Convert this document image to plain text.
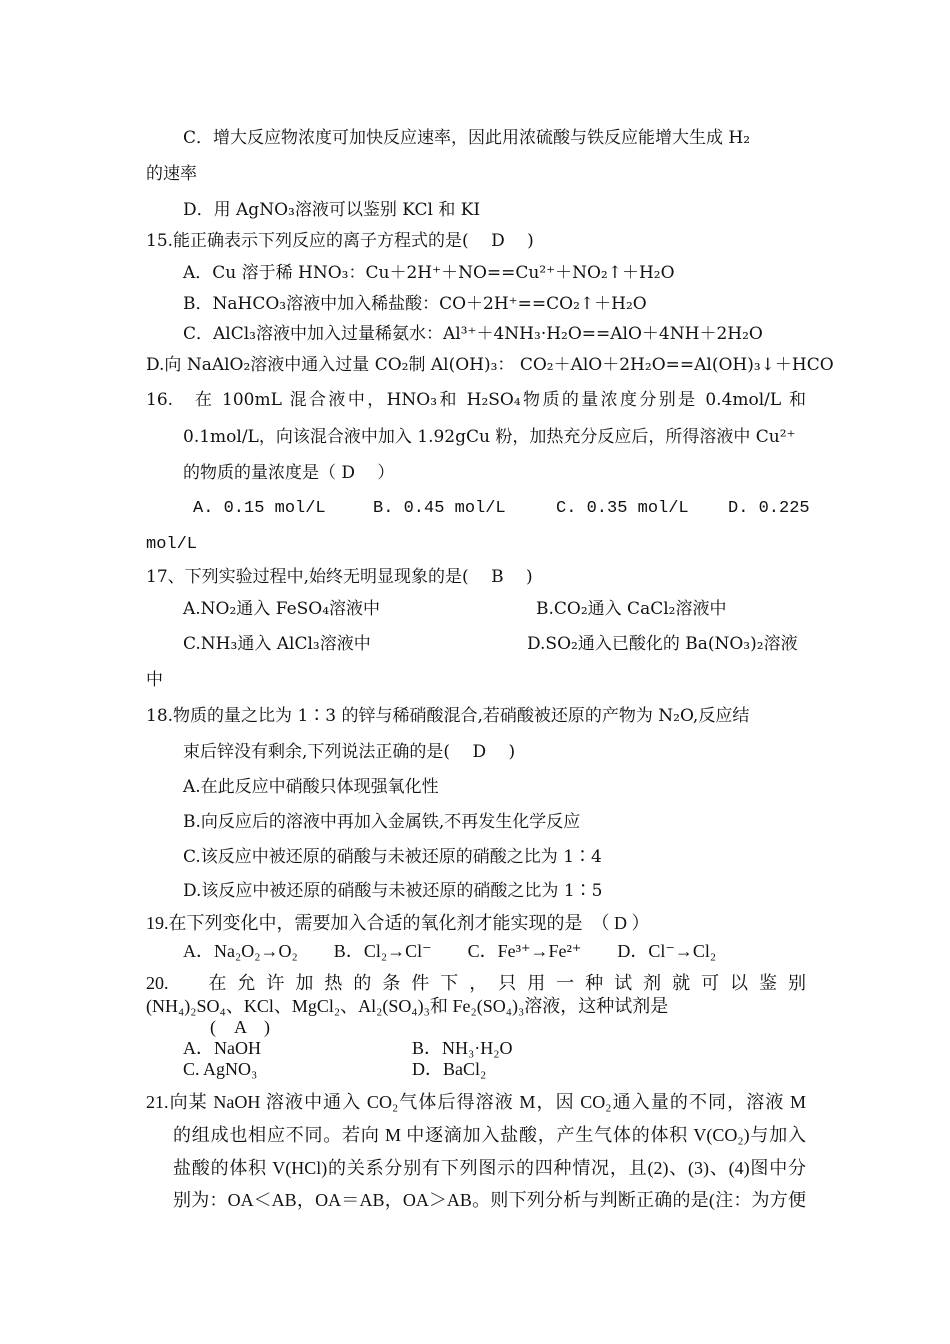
C．增大反应物浓度可加快反应速率，因此用浓硫酸与铁反应能增大生成 H₂
的速率
D．用 AgNO₃溶液可以鉴别 KCl 和 KI
15.能正确表示下列反应的离子方程式的是(　 D　 )
A．Cu 溶于稀 HNO₃：Cu＋2H⁺＋NO==Cu²⁺＋NO₂↑＋H₂O
B．NaHCO₃溶液中加入稀盐酸：CO＋2H⁺==CO₂↑＋H₂O
C．AlCl₃溶液中加入过量稀氨水：Al³⁺＋4NH₃·H₂O==AlO＋4NH＋2H₂O
D.向 NaAlO₂溶液中通入过量 CO₂制 Al(OH)₃： CO₂＋AlO＋2H₂O==Al(OH)₃↓＋HCO
16.　在 100mL 混合液中，HNO₃和 H₂SO₄物质的量浓度分别是 0.4mol/L 和
0.1mol/L，向该混合液中加入 1.92gCu 粉，加热充分反应后，所得溶液中 Cu²⁺
的物质的量浓度是（ D　 ）
A. 0.15 mol/L	B. 0.45 mol/L	C. 0.35 mol/L D. 0.225
mol/L
17、下列实验过程中,始终无明显现象的是(　 B　 )
A.NO₂通入 FeSO₄溶液中	B.CO₂通入 CaCl₂溶液中
C.NH₃通入 AlCl₃溶液中	D.SO₂通入已酸化的 Ba(NO₃)₂溶液
中
18.物质的量之比为 1∶3 的锌与稀硝酸混合,若硝酸被还原的产物为 N₂O,反应结
束后锌没有剩余,下列说法正确的是(　 D　 )
A.在此反应中硝酸只体现强氧化性
B.向反应后的溶液中再加入金属铁,不再发生化学反应
C.该反应中被还原的硝酸与未被还原的硝酸之比为 1∶4
D.该反应中被还原的硝酸与未被还原的硝酸之比为 1∶5
19.在下列变化中，需要加入合适的氧化剂才能实现的是　（ D ）
A．Na₂O₂→O₂　　B．Cl₂→Cl⁻　　C．Fe³⁺→Fe²⁺　　D．Cl⁻→Cl₂
20.　在允许加热的条件下，只用一种试剂就可以鉴别
(NH₄)₂SO₄、KCl、MgCl₂、Al₂(SO₄)₃和 Fe₂(SO₄)₃溶液，这种试剂是
(　A　)
A．NaOH	B．NH₃·H₂O
C. AgNO₃	D．BaCl₂
21.向某 NaOH 溶液中通入 CO₂气体后得溶液 M，因 CO₂通入量的不同，溶液 M
的组成也相应不同。若向 M 中逐滴加入盐酸，产生气体的体积 V(CO₂)与加入
盐酸的体积 V(HCl)的关系分别有下列图示的四种情况，且(2)、(3)、(4)图中分
别为：OA＜AB，OA＝AB，OA＞AB。则下列分析与判断正确的是(注：为方便
